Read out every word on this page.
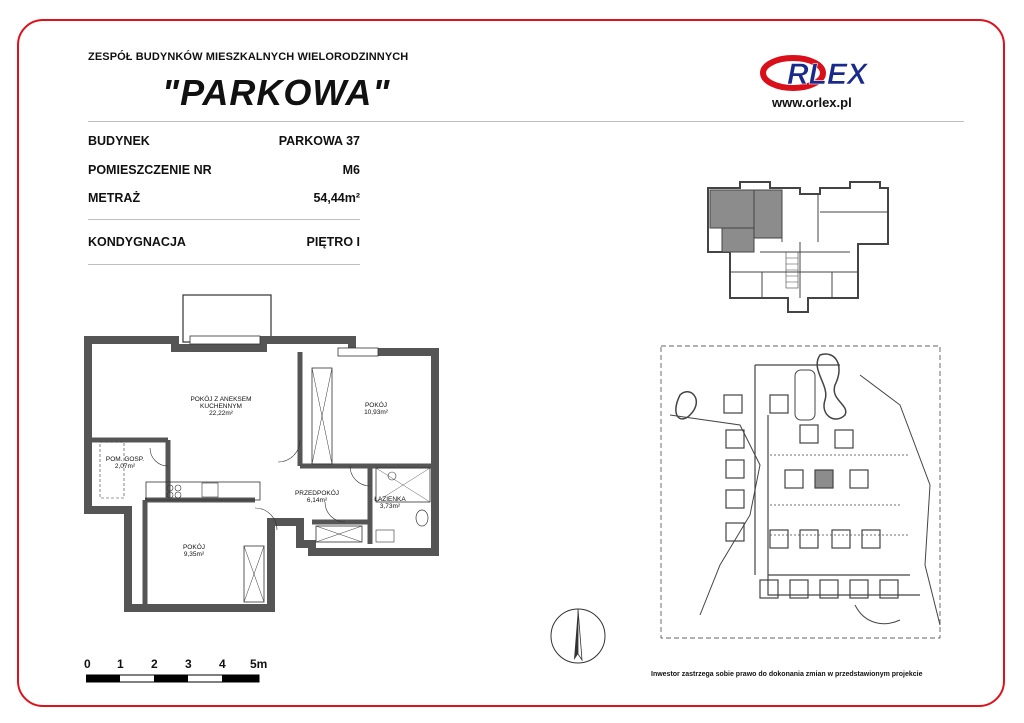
ZESPÓŁ BUDYNKÓW MIESZKALNYCH WIELORODZINNYCH
"PARKOWA"	RLEX
www.orlex.pl
BUDYNEK	PARKOWA 37
POMIESZCZENIE NR	M6
METRAŻ	54,44m²
KONDYGNACJA	PIĘTRO I
POKÓJ Z ANEKSEM KUCHENNYM
22,22m²
POKÓJ
10,93m²
POM. GOSP.
2,07m²
PRZEDPOKÓJ
6,14m²	ŁAZIENKA
3,73m²
POKÓJ
9,35m²
0 1 2 3 4 5m
Inwestor zastrzega sobie prawo do dokonania zmian w przedstawionym projekcie
